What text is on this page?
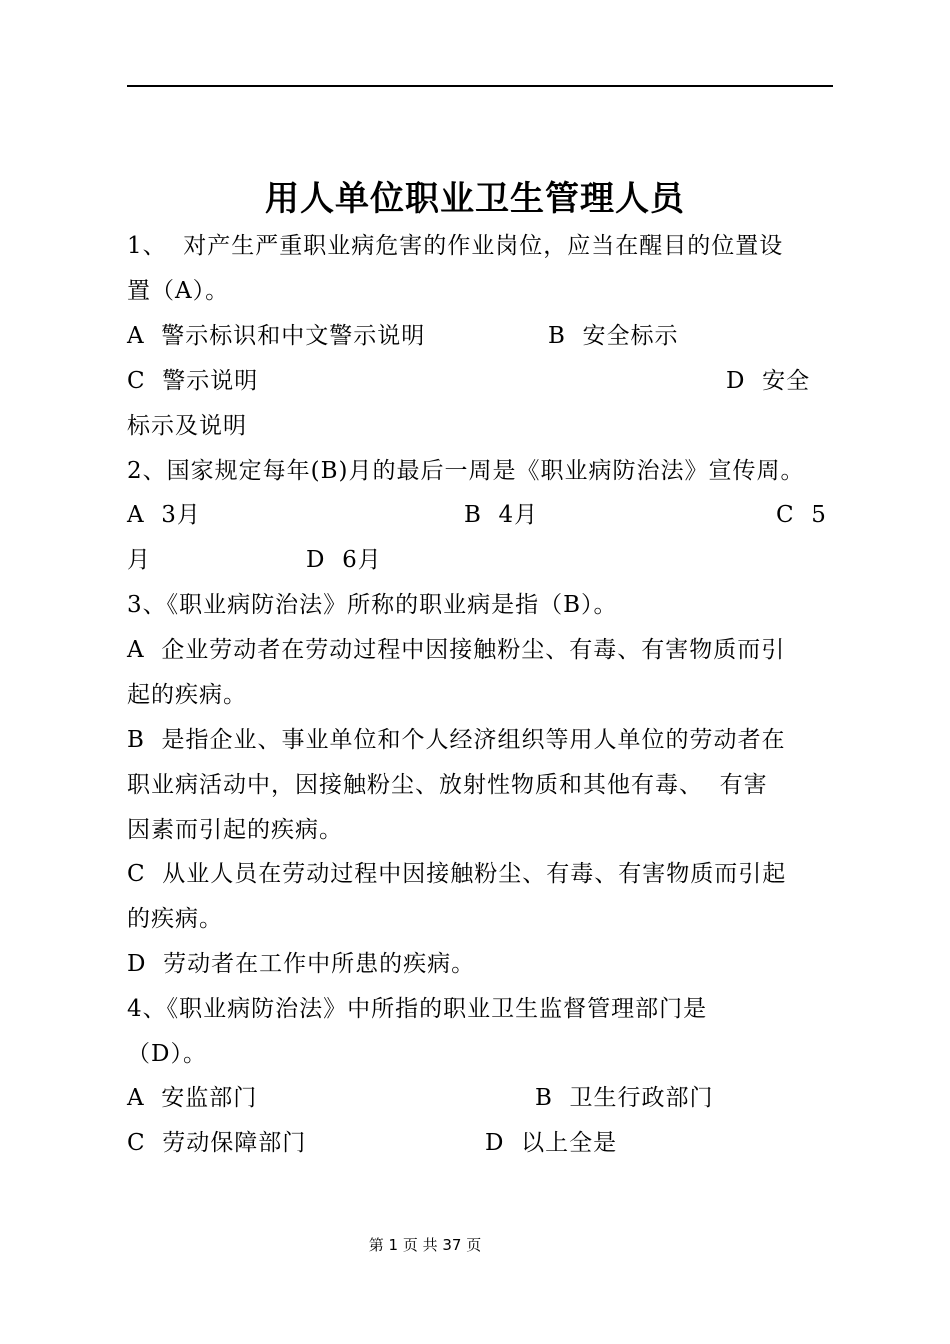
用人单位职业卫生管理人员
1、  对产生严重职业病危害的作业岗位，应当在醒目的位置设
置（A）。
A  警示标识和中文警示说明	B  安全标示
C  警示说明	D  安全
标示及说明
2、国家规定每年(B)月的最后一周是《职业病防治法》宣传周。
A  3月	B  4月	C  5
月	D  6月
3、《职业病防治法》所称的职业病是指（B）。
A  企业劳动者在劳动过程中因接触粉尘、有毒、有害物质而引
起的疾病。
B  是指企业、事业单位和个人经济组织等用人单位的劳动者在
职业病活动中，因接触粉尘、放射性物质和其他有毒、  有害
因素而引起的疾病。
C  从业人员在劳动过程中因接触粉尘、有毒、有害物质而引起
的疾病。
D  劳动者在工作中所患的疾病。
4、《职业病防治法》中所指的职业卫生监督管理部门是
（D）。
A  安监部门	B  卫生行政部门
C  劳动保障部门	D  以上全是
第 1 页 共 37 页
